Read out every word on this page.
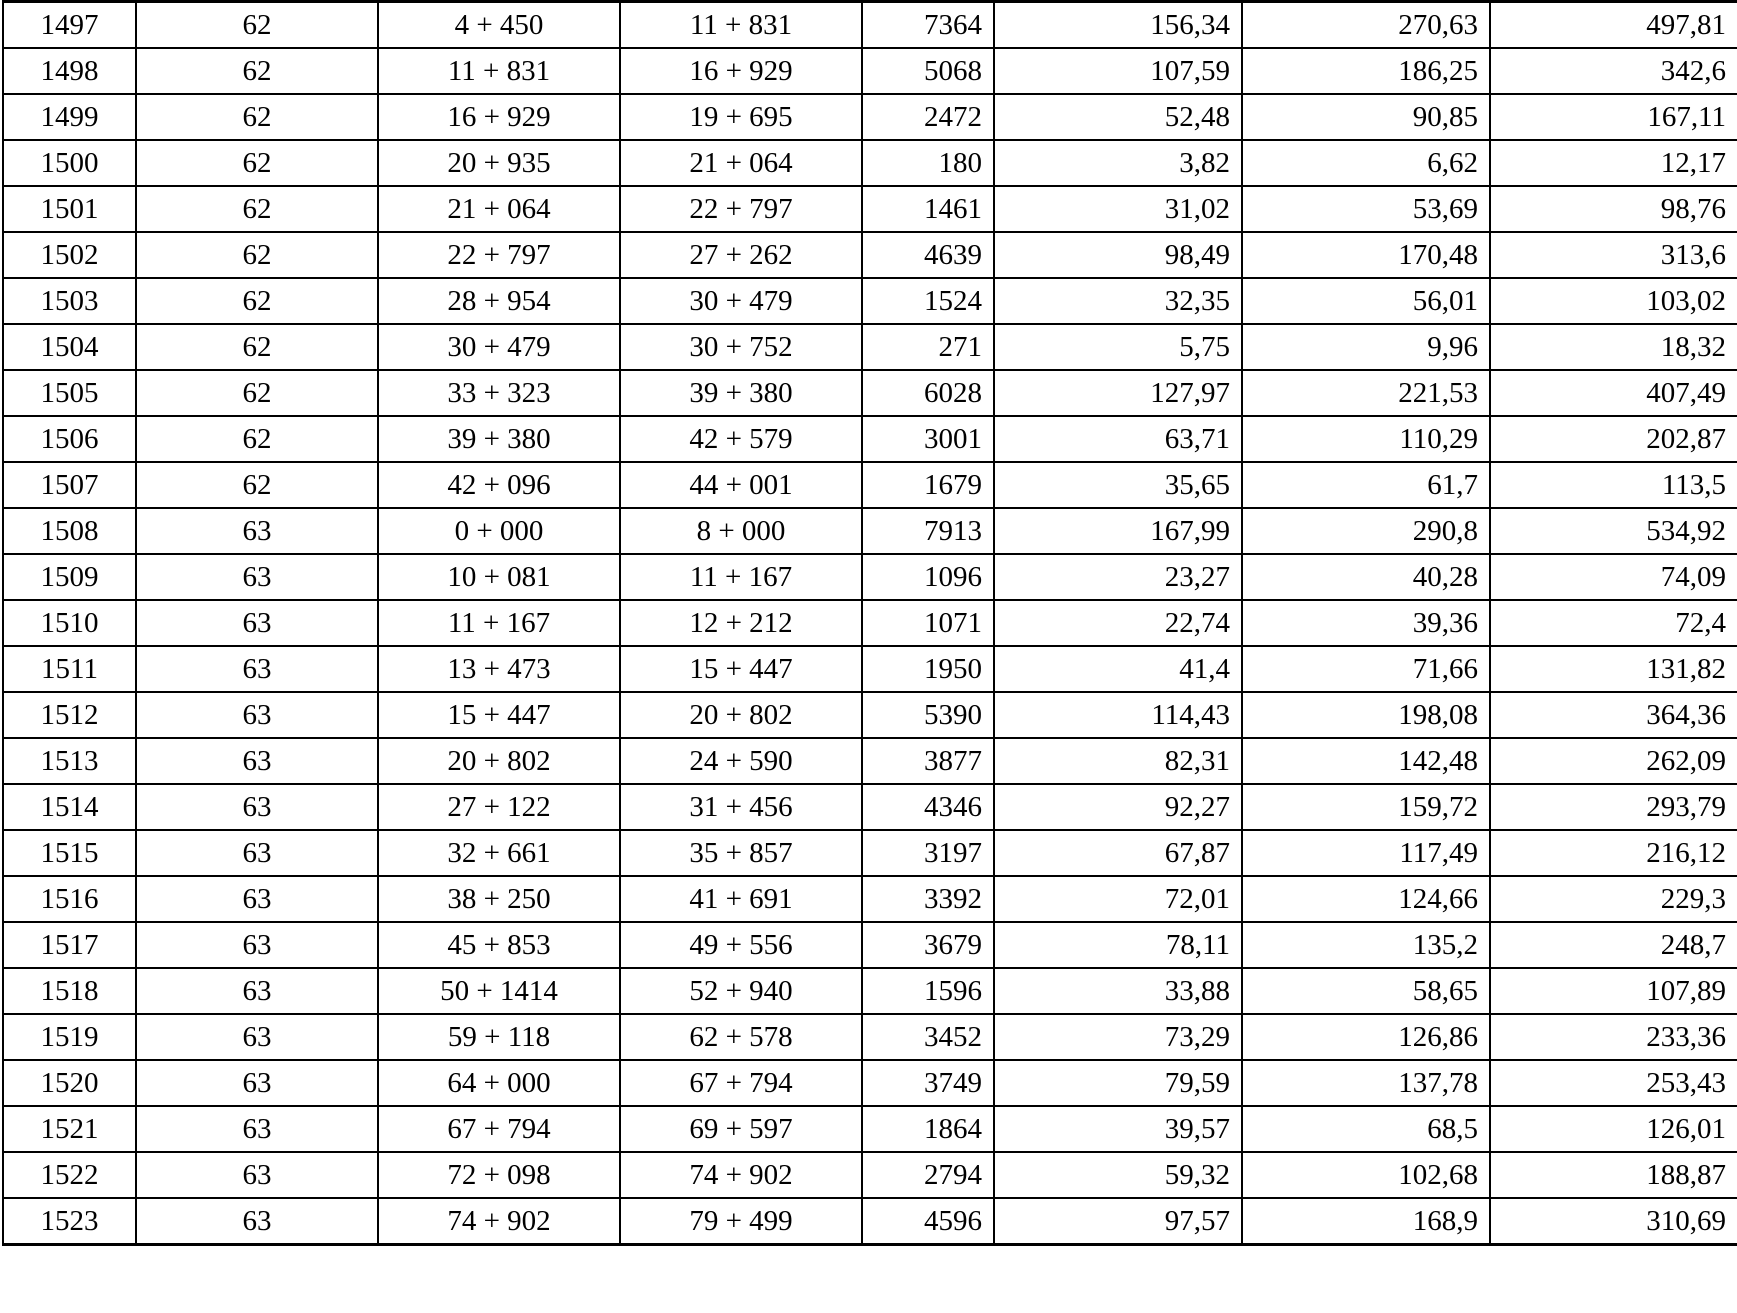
1497	62	4 + 450	11 + 831	7364	156,34	270,63	497,81
1498	62	11 + 831	16 + 929	5068	107,59	186,25	342,6
1499	62	16 + 929	19 + 695	2472	52,48	90,85	167,11
1500	62	20 + 935	21 + 064	180	3,82	6,62	12,17
1501	62	21 + 064	22 + 797	1461	31,02	53,69	98,76
1502	62	22 + 797	27 + 262	4639	98,49	170,48	313,6
1503	62	28 + 954	30 + 479	1524	32,35	56,01	103,02
1504	62	30 + 479	30 + 752	271	5,75	9,96	18,32
1505	62	33 + 323	39 + 380	6028	127,97	221,53	407,49
1506	62	39 + 380	42 + 579	3001	63,71	110,29	202,87
1507	62	42 + 096	44 + 001	1679	35,65	61,7	113,5
1508	63	0 + 000	8 + 000	7913	167,99	290,8	534,92
1509	63	10 + 081	11 + 167	1096	23,27	40,28	74,09
1510	63	11 + 167	12 + 212	1071	22,74	39,36	72,4
1511	63	13 + 473	15 + 447	1950	41,4	71,66	131,82
1512	63	15 + 447	20 + 802	5390	114,43	198,08	364,36
1513	63	20 + 802	24 + 590	3877	82,31	142,48	262,09
1514	63	27 + 122	31 + 456	4346	92,27	159,72	293,79
1515	63	32 + 661	35 + 857	3197	67,87	117,49	216,12
1516	63	38 + 250	41 + 691	3392	72,01	124,66	229,3
1517	63	45 + 853	49 + 556	3679	78,11	135,2	248,7
1518	63	50 + 1414	52 + 940	1596	33,88	58,65	107,89
1519	63	59 + 118	62 + 578	3452	73,29	126,86	233,36
1520	63	64 + 000	67 + 794	3749	79,59	137,78	253,43
1521	63	67 + 794	69 + 597	1864	39,57	68,5	126,01
1522	63	72 + 098	74 + 902	2794	59,32	102,68	188,87
1523	63	74 + 902	79 + 499	4596	97,57	168,9	310,69
